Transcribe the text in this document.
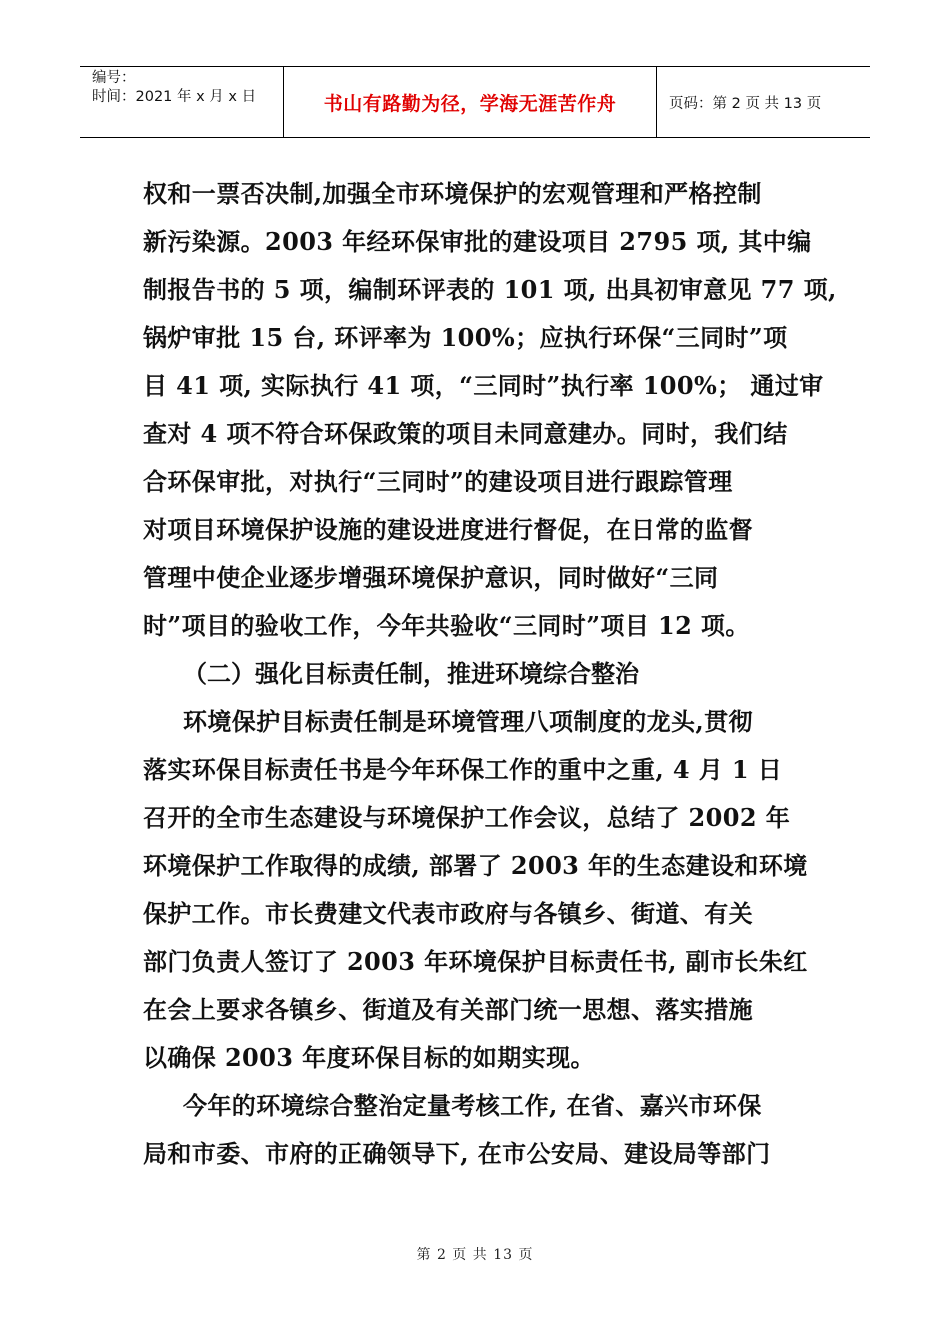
编号：
时间：2021 年 x 月 x 日	书山有路勤为径，学海无涯苦作舟	页码：第 2 页 共 13 页
权和一票否决制,加强全市环境保护的宏观管理和严格控制
新污染源。2003 年经环保审批的建设项目 2795 项, 其中编
制报告书的 5 项，编制环评表的 101 项, 出具初审意见 77 项,
锅炉审批 15 台, 环评率为 100%；应执行环保“三同时”项
目 41 项, 实际执行 41 项，“三同时”执行率 100%； 通过审
查对 4 项不符合环保政策的项目未同意建办。同时，我们结
合环保审批，对执行“三同时”的建设项目进行跟踪管理
对项目环境保护设施的建设进度进行督促，在日常的监督
管理中使企业逐步增强环境保护意识，同时做好“三同
时”项目的验收工作，今年共验收“三同时”项目 12 项。
（二）强化目标责任制，推进环境综合整治
环境保护目标责任制是环境管理八项制度的龙头,贯彻
落实环保目标责任书是今年环保工作的重中之重, 4 月 1 日
召开的全市生态建设与环境保护工作会议，总结了 2002 年
环境保护工作取得的成绩, 部署了 2003 年的生态建设和环境
保护工作。市长费建文代表市政府与各镇乡、街道、有关
部门负责人签订了 2003 年环境保护目标责任书, 副市长朱红
在会上要求各镇乡、街道及有关部门统一思想、落实措施
以确保 2003 年度环保目标的如期实现。
今年的环境综合整治定量考核工作, 在省、嘉兴市环保
局和市委、市府的正确领导下, 在市公安局、建设局等部门
第 2 页 共 13 页
